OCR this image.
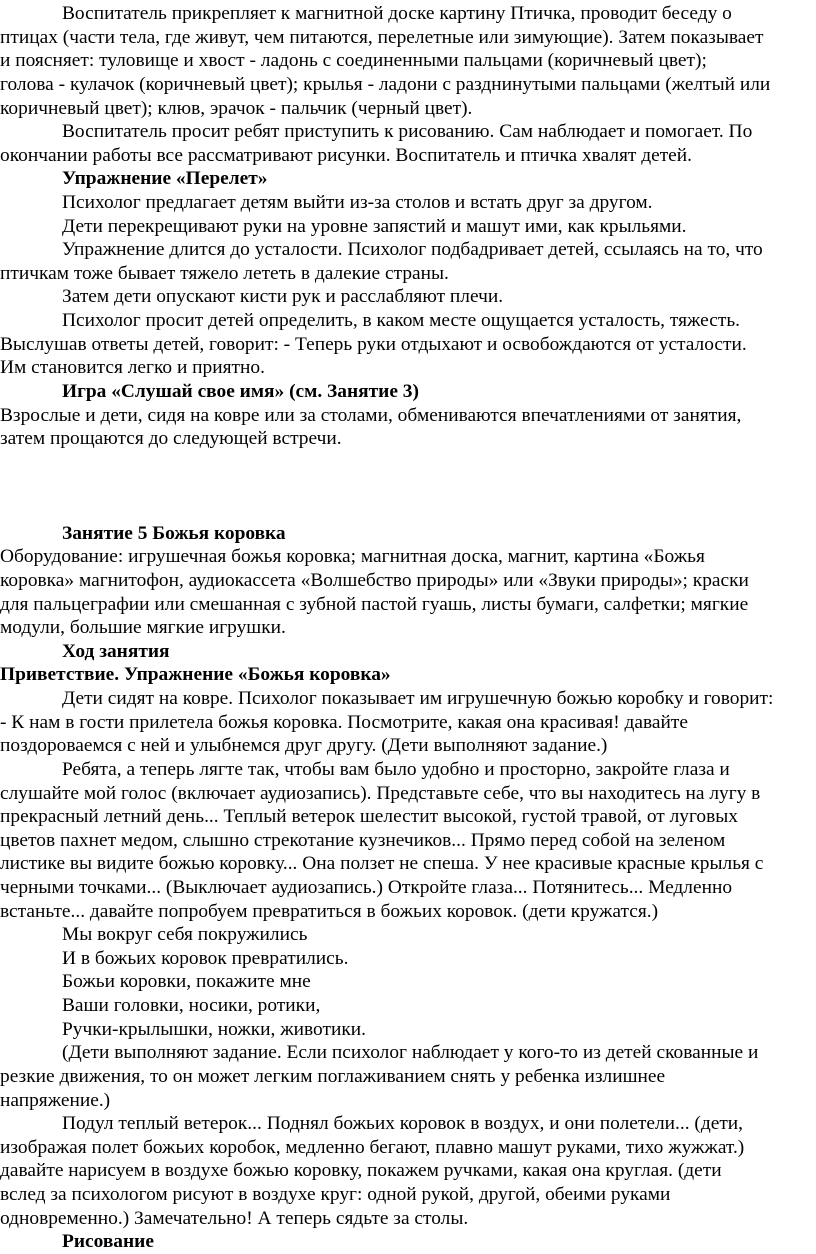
Воспитатель прикрепляет к магнитной доске картину Птичка, проводит беседу о

птицах (части тела, где живут, чем питаются, перелетные или зимующие). Затем показывает

и поясняет: туловище и хвост - ладонь с соединенными пальцами (коричневый цвет);

голова - кулачок (коричневый цвет); крылья - ладони с разднинутыми пальцами (желтый или

коричневый цвет); клюв, эрачок - пальчик (черный цвет).

Воспитатель просит ребят приступить к рисованию. Сам наблюдает и помогает. По

окончании работы все рассматривают рисунки. Воспитатель и птичка хвалят детей.

Упражнение «Перелет»

Психолог предлагает детям выйти из-за столов и встать друг за другом.

Дети перекрещивают руки на уровне запястий и машут ими, как крыльями.

Упражнение длится до усталости. Психолог подбадривает детей, ссылаясь на то, что

птичкам тоже бывает тяжело лететь в далекие страны.

Затем дети опускают кисти рук и расслабляют плечи.

Психолог просит детей определить, в каком месте ощущается усталость, тяжесть.

Выслушав ответы детей, говорит: - Теперь руки отдыхают и освобождаются от усталости.

Им становится легко и приятно.

Игра «Слушай свое имя» (см. Занятие 3)

Взрослые и дети, сидя на ковре или за столами, обмениваются впечатлениями от занятия,

затем прощаются до следующей встречи.

Занятие 5 Божья коровка

Оборудование: игрушечная божья коровка; магнитная доска, магнит, картина «Божья

коровка» магнитофон, аудиокассета «Волшебство природы» или «Звуки природы»; краски

для пальцеграфии или смешанная с зубной пастой гуашь, листы бумаги, салфетки; мягкие

модули, большие мягкие игрушки.

Ход занятия

Приветствие. Упражнение «Божья коровка»

Дети сидят на ковре. Психолог показывает им игрушечную божью коробку и говорит:

- К нам в гости прилетела божья коровка. Посмотрите, какая она красивая! давайте

поздороваемся с ней и улыбнемся друг другу. (Дети выполняют задание.)

Ребята, а теперь лягте так, чтобы вам было удобно и просторно, закройте глаза и

слушайте мой голос (включает аудиозапись). Представьте себе, что вы находитесь на лугу в

прекрасный летний день... Теплый ветерок шелестит высокой, густой травой, от луговых

цветов пахнет медом, слышно стрекотание кузнечиков... Прямо перед собой на зеленом

листике вы видите божью коровку... Она ползет не спеша. У нее красивые красные крылья с

черными точками... (Выключает аудиозапись.) Откройте глаза... Потянитесь... Медленно

встаньте... давайте попробуем превратиться в божьих коровок. (дети кружатся.)

Мы вокруг себя покружились

И в божьих коровок превратились.

Божьи коровки, покажите мне

Ваши головки, носики, ротики,

Ручки-крылышки, ножки, животики.

(Дети выполняют задание. Если психолог наблюдает у кого-то из детей скованные и

резкие движения, то он может легким поглаживанием снять у ребенка излишнее

напряжение.)

Подул теплый ветерок... Поднял божьих коровок в воздух, и они полетели... (дети,

изображая полет божьих коробок, медленно бегают, плавно машут руками, тихо жужжат.)

давайте нарисуем в воздухе божью коровку, покажем ручками, какая она круглая. (дети

вслед за психологом рисуют в воздухе круг: одной рукой, другой, обеими руками

одновременно.) Замечательно! А теперь сядьте за столы.

Рисование
